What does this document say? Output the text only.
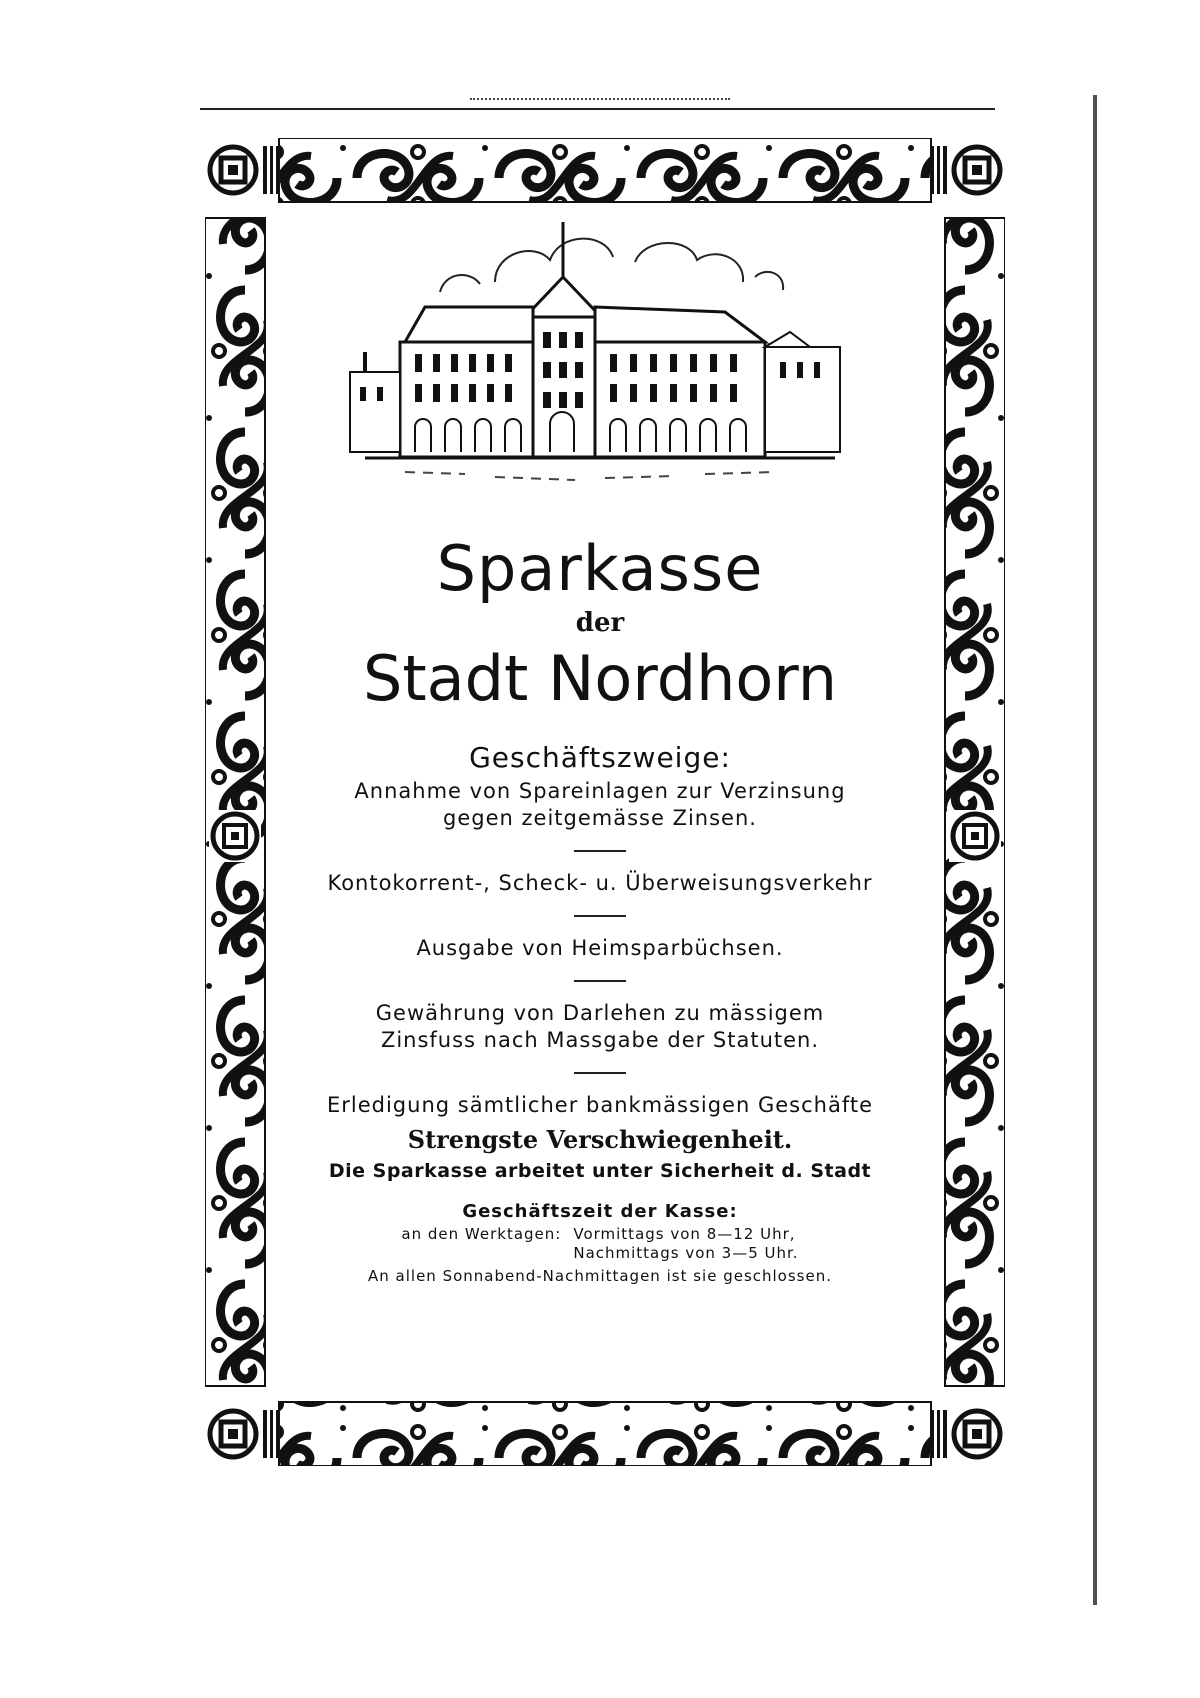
Sparkasse
der
Stadt Nordhorn
Geschäftszweige:
Annahme von Spareinlagen zur Verzinsung
gegen zeitgemässe Zinsen.
Kontokorrent-, Scheck- u. Überweisungsverkehr
Ausgabe von Heimsparbüchsen.
Gewährung von Darlehen zu mässigem
Zinsfuss nach Massgabe der Statuten.
Erledigung sämtlicher bankmässigen Geschäfte
Strengste Verschwiegenheit.
Die Sparkasse arbeitet unter Sicherheit d. Stadt
Geschäftszeit der Kasse:
an den Werktagen: Vormittags von 8—12 Uhr,
Nachmittags von 3—5 Uhr.
An allen Sonnabend-Nachmittagen ist sie geschlossen.
